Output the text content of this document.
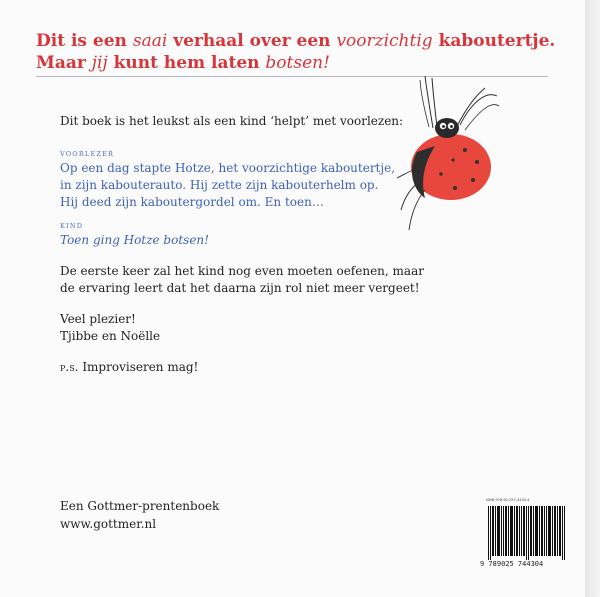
Dit is een saai verhaal over een voorzichtig kaboutertje.
Maar jij kunt hem laten botsen!
Dit boek is het leukst als een kind ‘helpt’ met voorlezen:
VOORLEZER
Op een dag stapte Hotze, het voorzichtige kaboutertje,
in zijn kabouterauto. Hij zette zijn kabouterhelm op.
Hij deed zijn kaboutergordel om. En toen…
KIND
Toen ging Hotze botsen!
De eerste keer zal het kind nog even moeten oefenen, maar
de ervaring leert dat het daarna zijn rol niet meer vergeet!
Veel plezier!
Tjibbe en Noëlle
p.s. Improviseren mag!
Een Gottmer-prentenboek
www.gottmer.nl
ISBN 978-90-257-4430-4
9 789025 744304
